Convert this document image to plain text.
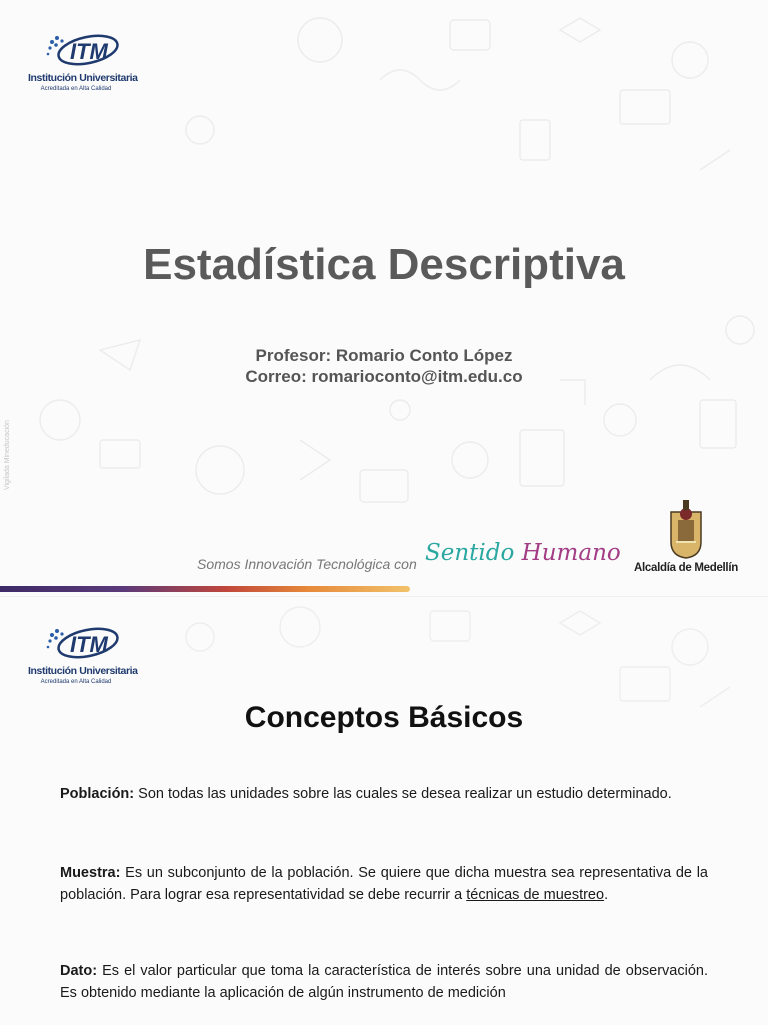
ITM
Institución Universitaria
Acreditada en Alta Calidad
Estadística Descriptiva
Profesor: Romario Conto López
Correo: romarioconto@itm.edu.co
Vigilada Mineducación
Somos Innovación Tecnológica con Sentido Humano
Alcaldía de Medellín
ITM
Institución Universitaria
Acreditada en Alta Calidad
Conceptos Básicos
Población: Son todas las unidades sobre las cuales se desea realizar un estudio determinado.
Muestra: Es un subconjunto de la población. Se quiere que dicha muestra sea representativa de la población. Para lograr esa representatividad se debe recurrir a técnicas de muestreo.
Dato: Es el valor particular que toma la característica de interés sobre una unidad de observación. Es obtenido mediante la aplicación de algún instrumento de medición
